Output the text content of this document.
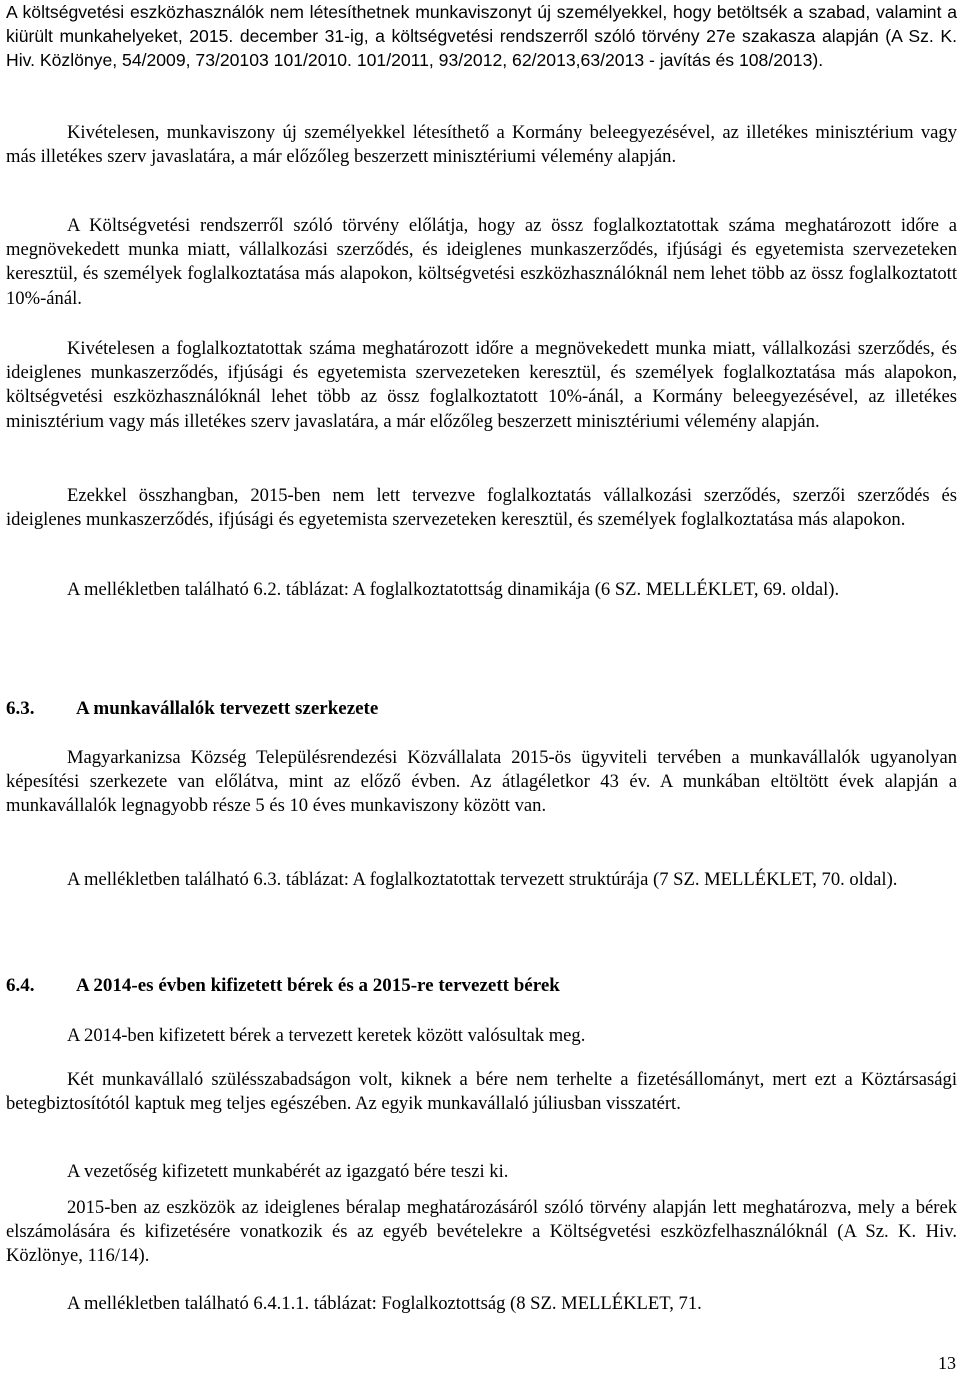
A költségvetési eszközhasználók nem létesíthetnek munkaviszonyt új személyekkel, hogy betöltsék a szabad, valamint a kiürült munkahelyeket, 2015. december 31-ig, a költségvetési rendszerről szóló törvény 27e szakasza alapján (A Sz. K. Hiv. Közlönye, 54/2009, 73/20103 101/2010. 101/2011, 93/2012, 62/2013,63/2013 - javítás és 108/2013).

Kivételesen, munkaviszony új személyekkel létesíthető a Kormány beleegyezésével, az illetékes minisztérium vagy más illetékes szerv javaslatára, a már előzőleg beszerzett minisztériumi vélemény alapján.

A Költségvetési rendszerről szóló törvény előlátja, hogy az össz foglalkoztatottak száma meghatározott időre a megnövekedett munka miatt, vállalkozási szerződés, és ideiglenes munkaszerződés, ifjúsági és egyetemista szervezeteken keresztül, és személyek foglalkoztatása más alapokon, költségvetési eszközhasználóknál nem lehet több az össz foglalkoztatott 10%-ánál.

Kivételesen a foglalkoztatottak száma meghatározott időre a megnövekedett munka miatt, vállalkozási szerződés, és ideiglenes munkaszerződés, ifjúsági és egyetemista szervezeteken keresztül, és személyek foglalkoztatása más alapokon, költségvetési eszközhasználóknál lehet több az össz foglalkoztatott 10%-ánál, a Kormány beleegyezésével, az illetékes minisztérium vagy más illetékes szerv javaslatára, a már előzőleg beszerzett minisztériumi vélemény alapján.

Ezekkel összhangban, 2015-ben nem lett tervezve foglalkoztatás vállalkozási szerződés, szerzői szerződés és ideiglenes munkaszerződés, ifjúsági és egyetemista szervezeteken keresztül, és személyek foglalkoztatása más alapokon.

A mellékletben található 6.2. táblázat: A foglalkoztatottság dinamikája (6 SZ. MELLÉKLET, 69. oldal).

6.3. A munkavállalók tervezett szerkezete

Magyarkanizsa Község Településrendezési Közvállalata 2015-ös ügyviteli tervében a munkavállalók ugyanolyan képesítési szerkezete van előlátva, mint az előző évben. Az átlagéletkor 43 év. A munkában eltöltött évek alapján a munkavállalók legnagyobb része 5 és 10 éves munkaviszony között van.

A mellékletben található 6.3. táblázat: A foglalkoztatottak tervezett struktúrája (7 SZ. MELLÉKLET, 70. oldal).

6.4. A 2014-es évben kifizetett bérek és a 2015-re tervezett bérek

A 2014-ben kifizetett bérek a tervezett keretek között valósultak meg.

Két munkavállaló szülésszabadságon volt, kiknek a bére nem terhelte a fizetésállományt, mert ezt a Köztársasági betegbiztosítótól kaptuk meg teljes egészében. Az egyik munkavállaló júliusban visszatért.

A vezetőség kifizetett munkabérét az igazgató bére teszi ki.

2015-ben az eszközök az ideiglenes béralap meghatározásáról szóló törvény alapján lett meghatározva, mely a bérek elszámolására és kifizetésére vonatkozik és az egyéb bevételekre a Költségvetési eszközfelhasználóknál (A Sz. K. Hiv. Közlönye, 116/14).

A mellékletben található 6.4.1.1. táblázat: Foglalkoztottság (8 SZ. MELLÉKLET, 71.

13
